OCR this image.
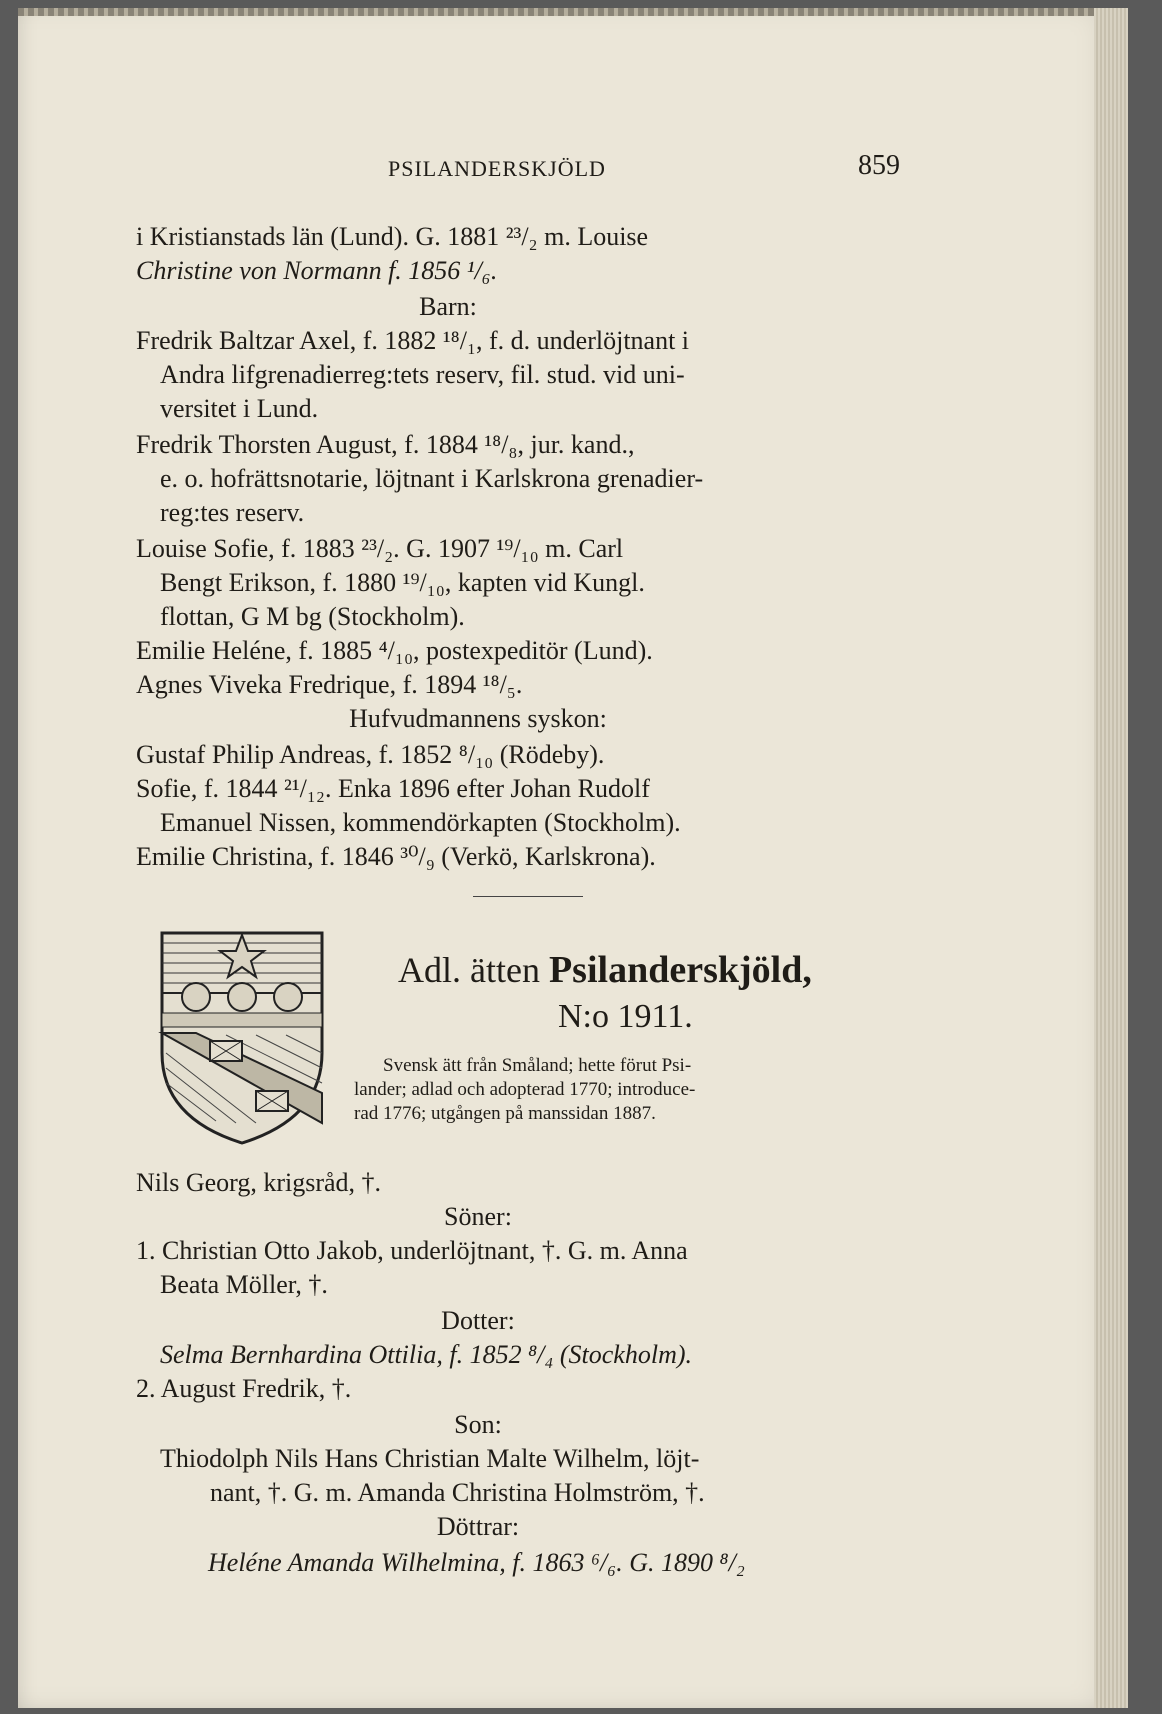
PSILANDERSKJÖLD	859
i Kristianstads län (Lund). G. 1881 ²³/₂ m. Louise
Christine von Normann f. 1856 ¹/₆.
Barn:
Fredrik Baltzar Axel, f. 1882 ¹⁸/₁, f. d. underlöjtnant i
Andra lifgrenadierreg:tets reserv, fil. stud. vid uni-
versitet i Lund.
Fredrik Thorsten August, f. 1884 ¹⁸/₈, jur. kand.,
e. o. hofrättsnotarie, löjtnant i Karlskrona grenadier-
reg:tes reserv.
Louise Sofie, f. 1883 ²³/₂. G. 1907 ¹⁹/₁₀ m. Carl
Bengt Erikson, f. 1880 ¹⁹/₁₀, kapten vid Kungl.
flottan, G M bg (Stockholm).
Emilie Heléne, f. 1885 ⁴/₁₀, postexpeditör (Lund).
Agnes Viveka Fredrique, f. 1894 ¹⁸/₅.
Hufvudmannens syskon:
Gustaf Philip Andreas, f. 1852 ⁸/₁₀ (Rödeby).
Sofie, f. 1844 ²¹/₁₂. Enka 1896 efter Johan Rudolf
Emanuel Nissen, kommendörkapten (Stockholm).
Emilie Christina, f. 1846 ³⁰/₉ (Verkö, Karlskrona).
Adl. ätten Psilanderskjöld,
N:o 1911.
Svensk ätt från Småland; hette förut Psi-
lander; adlad och adopterad 1770; introduce-
rad 1776; utgången på manssidan 1887.
Nils Georg, krigsråd, †.
Söner:
1. Christian Otto Jakob, underlöjtnant, †. G. m. Anna
Beata Möller, †.
Dotter:
Selma Bernhardina Ottilia, f. 1852 ⁸/₄ (Stockholm).
2. August Fredrik, †.
Son:
Thiodolph Nils Hans Christian Malte Wilhelm, löjt-
nant, †. G. m. Amanda Christina Holmström, †.
Döttrar:
Heléne Amanda Wilhelmina, f. 1863 ⁶/₆. G. 1890 ⁸/₂
